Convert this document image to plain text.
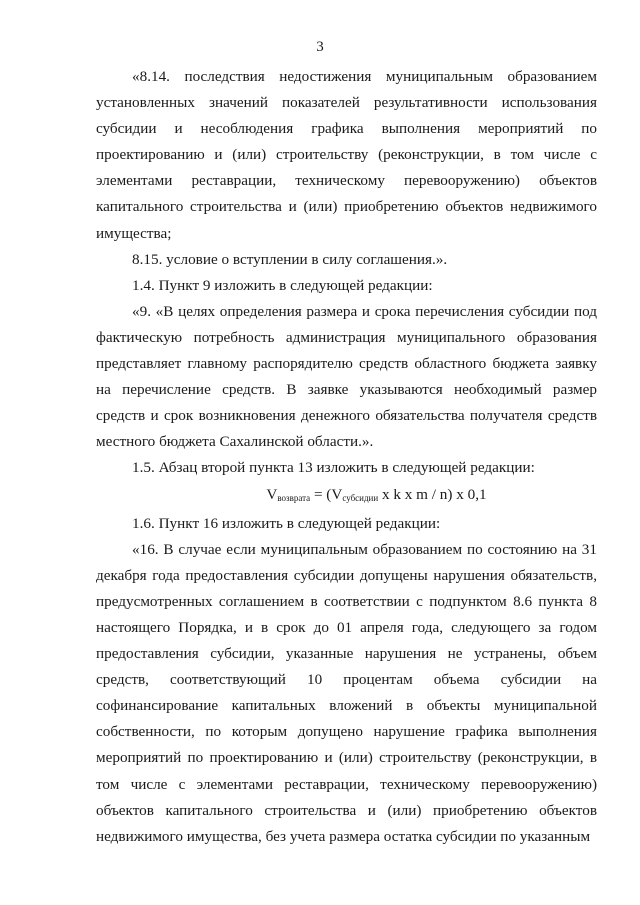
3

«8.14. последствия недостижения муниципальным образованием установленных значений показателей результативности использования субсидии и несоблюдения графика выполнения мероприятий по проектированию и (или) строительству (реконструкции, в том числе с элементами реставрации, техническому перевооружению) объектов капитального строительства и (или) приобретению объектов недвижимого имущества;

8.15. условие о вступлении в силу соглашения.».

1.4. Пункт 9 изложить в следующей редакции:

«9. «В целях определения размера и срока перечисления субсидии под фактическую потребность администрация муниципального образования представляет главному распорядителю средств областного бюджета заявку на перечисление средств. В заявке указываются необходимый размер средств и срок возникновения денежного обязательства получателя средств местного бюджета Сахалинской области.».

1.5. Абзац второй пункта 13 изложить в следующей редакции:

$V_{возврата} = (V_{субсидии}$ x k x m / n) x 0,1

1.6. Пункт 16 изложить в следующей редакции:

«16. В случае если муниципальным образованием по состоянию на 31 декабря года предоставления субсидии допущены нарушения обязательств, предусмотренных соглашением в соответствии с подпунктом 8.6 пункта 8 настоящего Порядка, и в срок до 01 апреля года, следующего за годом предоставления субсидии, указанные нарушения не устранены, объем средств, соответствующий 10 процентам объема субсидии на софинансирование капитальных вложений в объекты муниципальной собственности, по которым допущено нарушение графика выполнения мероприятий по проектированию и (или) строительству (реконструкции, в том числе с элементами реставрации, техническому перевооружению) объектов капитального строительства и (или) приобретению объектов недвижимого имущества, без учета размера остатка субсидии по указанным
